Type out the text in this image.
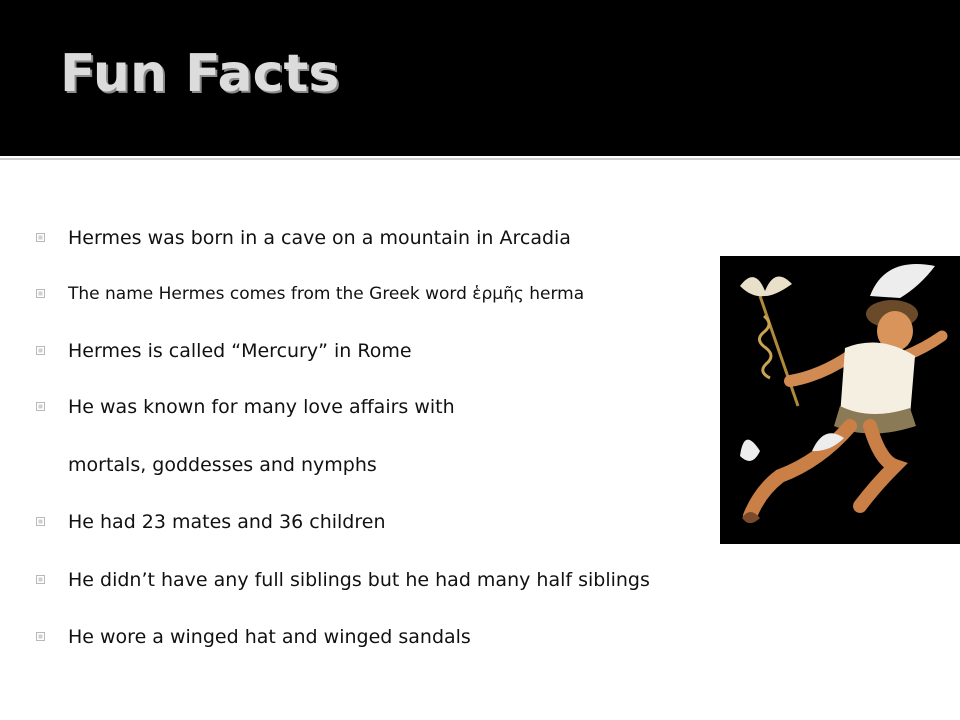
Fun Facts
Hermes was born in a cave on a mountain in Arcadia
The name Hermes comes from the Greek word ἑρμῆς herma
Hermes is called “Mercury” in Rome
He was known for many love affairs with
mortals, goddesses and nymphs
He had 23 mates and 36 children
He didn’t have any full siblings but he had many half siblings
He wore a winged hat and winged sandals
